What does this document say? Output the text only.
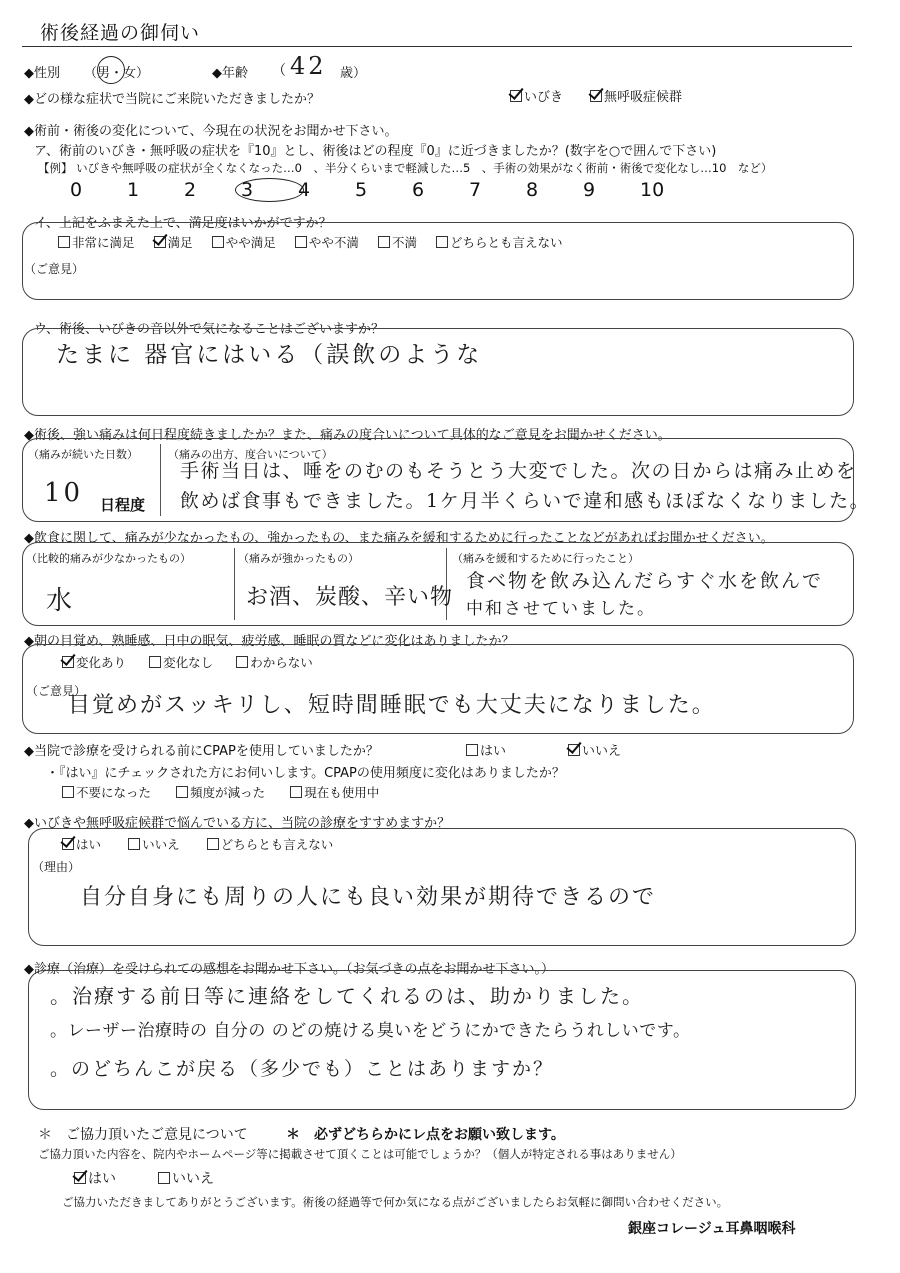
術後経過の御伺い
◆性別 （男・女）	◆年齢 （ 42 歳）
◆どの様な症状で当院にご来院いただきましたか？	いびき	無呼吸症候群
◆術前・術後の変化について、今現在の状況をお聞かせ下さい。
ア、術前のいびき・無呼吸の症状を『10』とし、術後はどの程度『0』に近づきましたか？(数字を○で囲んで下さい)
【例】 いびきや無呼吸の症状が全くなくなった…0　、半分くらいまで軽減した…5　、手術の効果がなく術前・術後で変化なし…10　など）
0 1 2 3 4 5 6 7 8 9 10
イ、上記をふまえた上で、満足度はいかがですか？
非常に満足	満足	やや満足	やや不満	不満	どちらとも言えない
（ご意見）
ウ、術後、いびきの音以外で気になることはございますか？
たまに 器官にはいる（誤飲のような
◆術後、強い痛みは何日程度続きましたか？また、痛みの度合いについて具体的なご意見をお聞かせください。
（痛みが続いた日数）
10 日程度
（痛みの出方、度合いについて）
手術当日は、唾をのむのもそうとう大変でした。次の日からは痛み止めを
飲めば食事もできました。1ケ月半くらいで違和感もほぼなくなりました。
◆飲食に関して、痛みが少なかったもの、強かったもの、また痛みを緩和するために行ったことなどがあればお聞かせください。
（比較的痛みが少なかったもの）
水
（痛みが強かったもの）
お酒、炭酸、辛い物
（痛みを緩和するために行ったこと）
食べ物を飲み込んだらすぐ水を飲んで
中和させていました。
◆朝の目覚め、熟睡感、日中の眠気、疲労感、睡眠の質などに変化はありましたか？
変化あり	変化なし	わからない
（ご意見）
目覚めがスッキリし、短時間睡眠でも大丈夫になりました。
◆当院で診療を受けられる前にCPAPを使用していましたか？	はい	いいえ
・『はい』にチェックされた方にお伺いします。CPAPの使用頻度に変化はありましたか？
不要になった	頻度が減った	現在も使用中
◆いびきや無呼吸症候群で悩んでいる方に、当院の診療をすすめますか？
はい	いいえ	どちらとも言えない
（理由）
自分自身にも周りの人にも良い効果が期待できるので
◆診療（治療）を受けられての感想をお聞かせ下さい。（お気づきの点をお聞かせ下さい。）
。治療する前日等に連絡をしてくれるのは、助かりました。
。レーザー治療時の 自分の のどの焼ける臭いをどうにかできたらうれしいです。
。のどちんこが戻る（多少でも）ことはありますか？
＊　ご協力頂いたご意見について	＊　必ずどちらかにレ点をお願い致します。
ご協力頂いた内容を、院内やホームページ等に掲載させて頂くことは可能でしょうか？（個人が特定される事はありません）
はい	いいえ
ご協力いただきましてありがとうございます。術後の経過等で何か気になる点がございましたらお気軽に御問い合わせください。
銀座コレージュ耳鼻咽喉科
